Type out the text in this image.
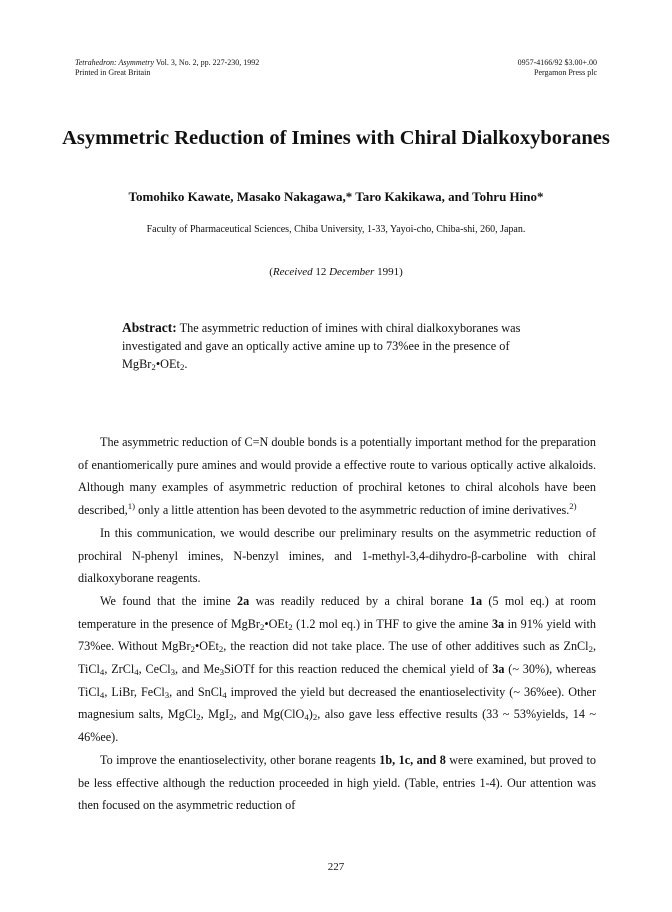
Tetrahedron: Asymmetry Vol. 3, No. 2, pp. 227-230, 1992
Printed in Great Britain
0957-4166/92 $3.00+.00
Pergamon Press plc
Asymmetric Reduction of Imines with Chiral Dialkoxyboranes
Tomohiko Kawate, Masako Nakagawa,* Taro Kakikawa, and Tohru Hino*
Faculty of Pharmaceutical Sciences, Chiba University, 1-33, Yayoi-cho, Chiba-shi, 260, Japan.
(Received 12 December 1991)
Abstract: The asymmetric reduction of imines with chiral dialkoxyboranes was investigated and gave an optically active amine up to 73%ee in the presence of MgBr$_2$•OEt$_2$.

The asymmetric reduction of C=N double bonds is a potentially important method for the preparation of enantiomerically pure amines and would provide a effective route to various optically active alkaloids. Although many examples of asymmetric reduction of prochiral ketones to chiral alcohols have been described,$^{1)}$ only a little attention has been devoted to the asymmetric reduction of imine derivatives.$^{2)}$

In this communication, we would describe our preliminary results on the asymmetric reduction of prochiral N-phenyl imines, N-benzyl imines, and 1-methyl-3,4-dihydro-β-carboline with chiral dialkoxyborane reagents.

We found that the imine 2a was readily reduced by a chiral borane 1a (5 mol eq.) at room temperature in the presence of MgBr$_2$•OEt$_2$ (1.2 mol eq.) in THF to give the amine 3a in 91% yield with 73%ee. Without MgBr$_2$•OEt$_2$, the reaction did not take place. The use of other additives such as ZnCl$_2$, TiCl$_4$, ZrCl$_4$, CeCl$_3$, and $Me_3SiOTf$ for this reaction reduced the chemical yield of 3a (~ 30%), whereas TiCl$_4$, LiBr, FeCl$_3$, and SnCl$_4$ improved the yield but decreased the enantioselectivity (~ 36%ee). Other magnesium salts, MgCl$_2$, MgI$_2$, and $Mg(ClO_4)_2$, also gave less effective results (33 ~ 53%yields, 14 ~ 46%ee).

To improve the enantioselectivity, other borane reagents 1b, 1c, and 8 were examined, but proved to be less effective although the reduction proceeded in high yield. (Table, entries 1-4). Our attention was then focused on the asymmetric reduction of

227
